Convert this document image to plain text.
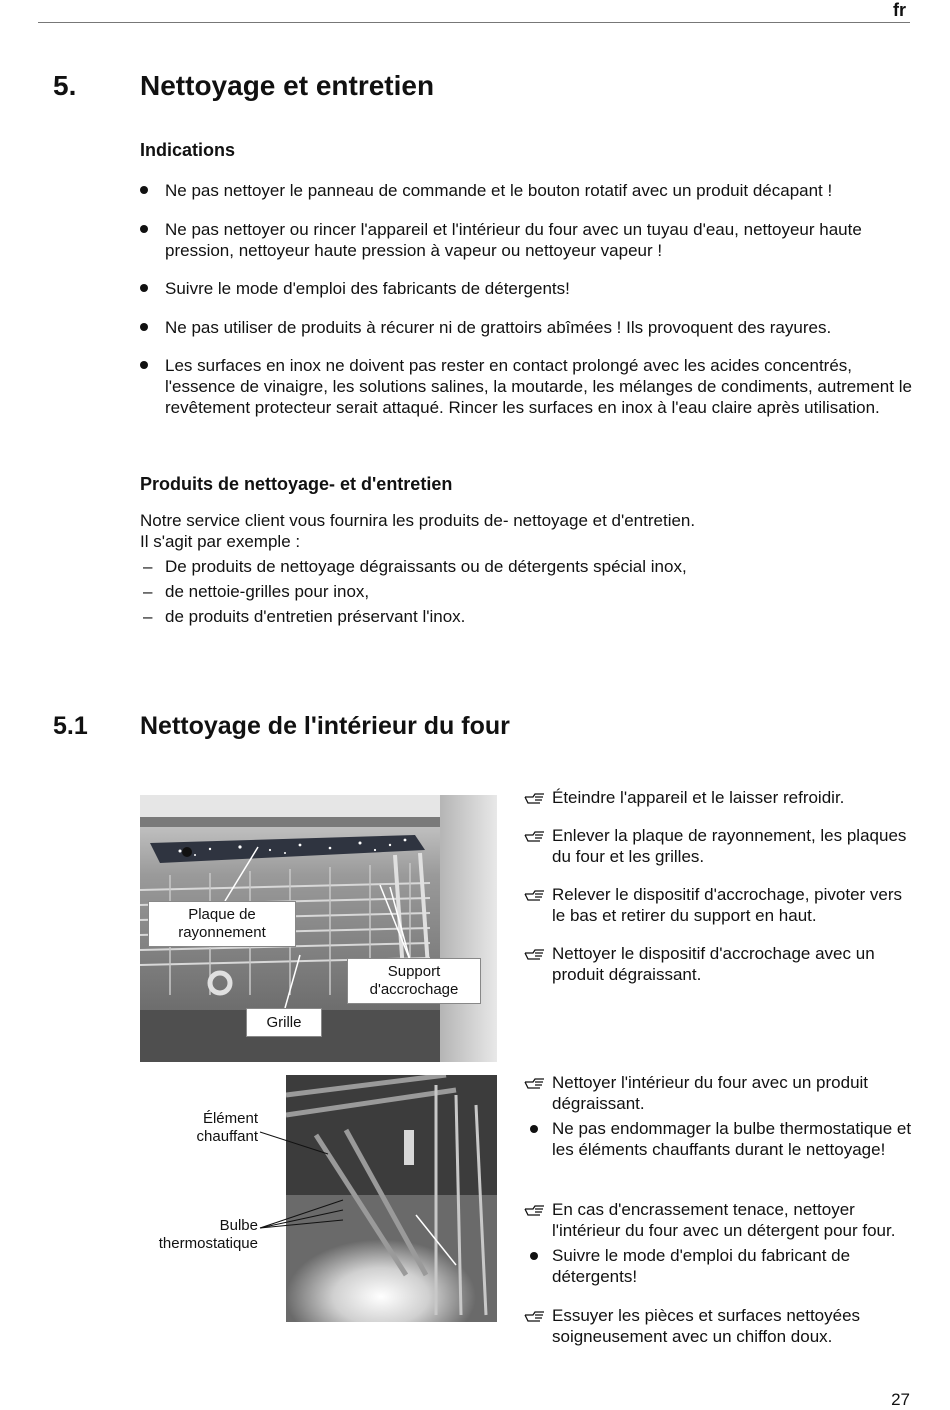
fr
5. Nettoyage et entretien
Indications
Ne pas nettoyer le panneau de commande et le bouton rotatif avec un produit décapant !
Ne pas nettoyer ou rincer l'appareil et l'intérieur du four avec un tuyau d'eau, nettoyeur haute pression, nettoyeur haute pression à vapeur ou nettoyeur vapeur !
Suivre le mode d'emploi des fabricants de détergents!
Ne pas utiliser de produits à récurer ni de grattoirs abîmées ! Ils provoquent des rayures.
Les surfaces en inox ne doivent pas rester en contact prolongé avec les acides concentrés, l'essence de vinaigre, les solutions salines, la moutarde, les mélanges de condiments, autrement le revêtement protecteur serait attaqué. Rincer les surfaces en inox à l'eau claire après utilisation.
Produits de nettoyage- et d'entretien
Notre service client vous fournira les produits de- nettoyage et d'entretien.
Il s'agit par exemple :
– De produits de nettoyage dégraissants ou de détergents spécial inox,
– de nettoie-grilles pour inox,
– de produits d'entretien préservant l'inox.
5.1 Nettoyage de l'intérieur du four
Plaque de rayonnement
Support d'accrochage
Grille
Élément chauffant
Bulbe thermostatique
Éteindre l'appareil et le laisser refroidir.
Enlever la plaque de rayonnement, les plaques du four et les grilles.
Relever le dispositif d'accrochage, pivoter vers le bas et retirer du support en haut.
Nettoyer le dispositif d'accrochage avec un produit dégraissant.
Nettoyer l'intérieur du four avec un produit dégraissant.
Ne pas endommager la bulbe thermostatique et les éléments chauffants durant le nettoyage!
En cas d'encrassement tenace, nettoyer l'intérieur du four avec un détergent pour four.
Suivre le mode d'emploi du fabricant de détergents!
Essuyer les pièces et surfaces nettoyées soigneusement avec un chiffon doux.
27
